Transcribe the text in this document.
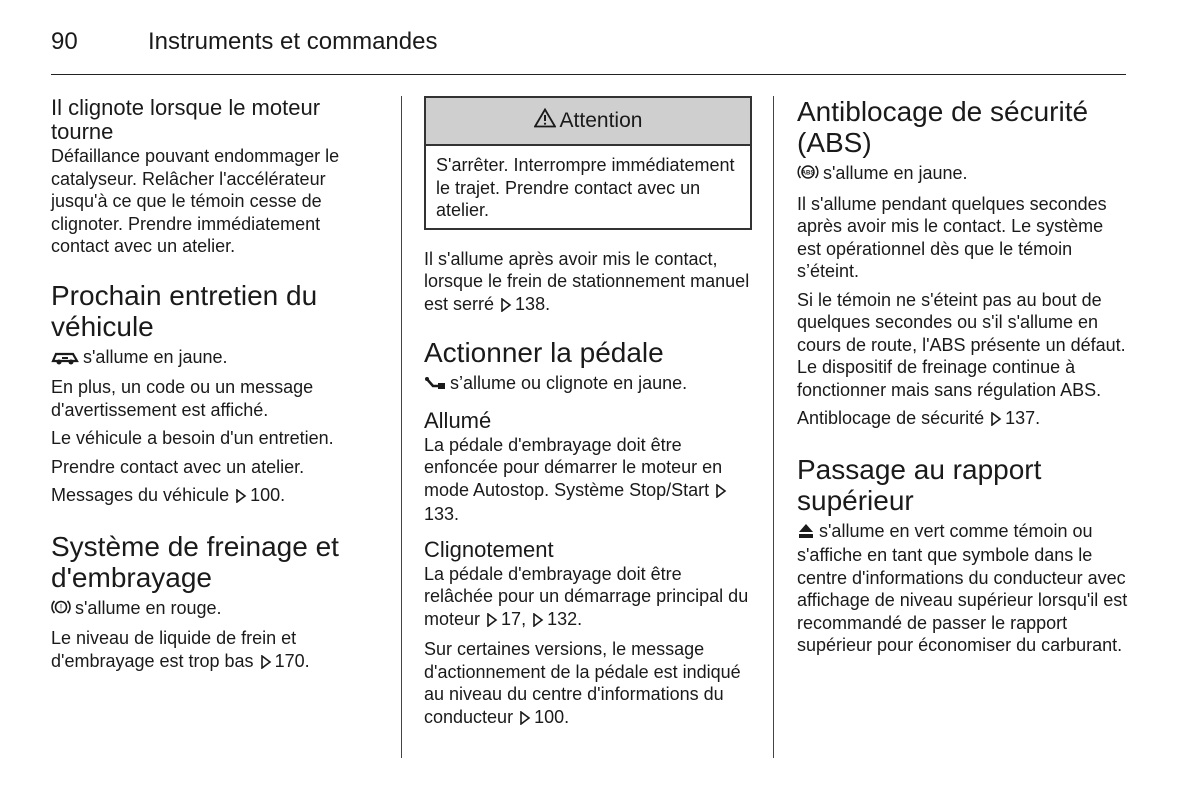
90	Instruments et commandes
Il clignote lorsque le moteur tourne

Défaillance pouvant endommager le catalyseur. Relâcher l'accélérateur jusqu'à ce que le témoin cesse de clignoter. Prendre immédiatement contact avec un atelier.

Prochain entretien du véhicule

s'allume en jaune.

En plus, un code ou un message d'avertissement est affiché.

Le véhicule a besoin d'un entretien.

Prendre contact avec un atelier.

Messages du véhicule 100.

Système de freinage et d'embrayage

! s'allume en rouge.

Le niveau de liquide de frein et d'embrayage est trop bas 170.

Attention
S'arrêter. Interrompre immédiatement le trajet. Prendre contact avec un atelier.

Il s'allume après avoir mis le contact, lorsque le frein de stationnement manuel est serré 138.

Actionner la pédale

s’allume ou clignote en jaune.

Allumé

La pédale d'embrayage doit être enfoncée pour démarrer le moteur en mode Autostop. Système Stop/Start 133.

Clignotement

La pédale d'embrayage doit être relâchée pour un démarrage principal du moteur 17, 132.

Sur certaines versions, le message d'actionnement de la pédale est indiqué au niveau du centre d'informations du conducteur 100.

Antiblocage de sécurité (ABS)

ABS s'allume en jaune.

Il s'allume pendant quelques secondes après avoir mis le contact. Le système est opérationnel dès que le témoin s’éteint.

Si le témoin ne s'éteint pas au bout de quelques secondes ou s'il s'allume en cours de route, l'ABS présente un défaut. Le dispositif de freinage continue à fonctionner mais sans régulation ABS.

Antiblocage de sécurité 137.

Passage au rapport supérieur

s'allume en vert comme témoin ou s'affiche en tant que symbole dans le centre d'informations du conducteur avec affichage de niveau supérieur lorsqu'il est recommandé de passer le rapport supérieur pour économiser du carburant.
